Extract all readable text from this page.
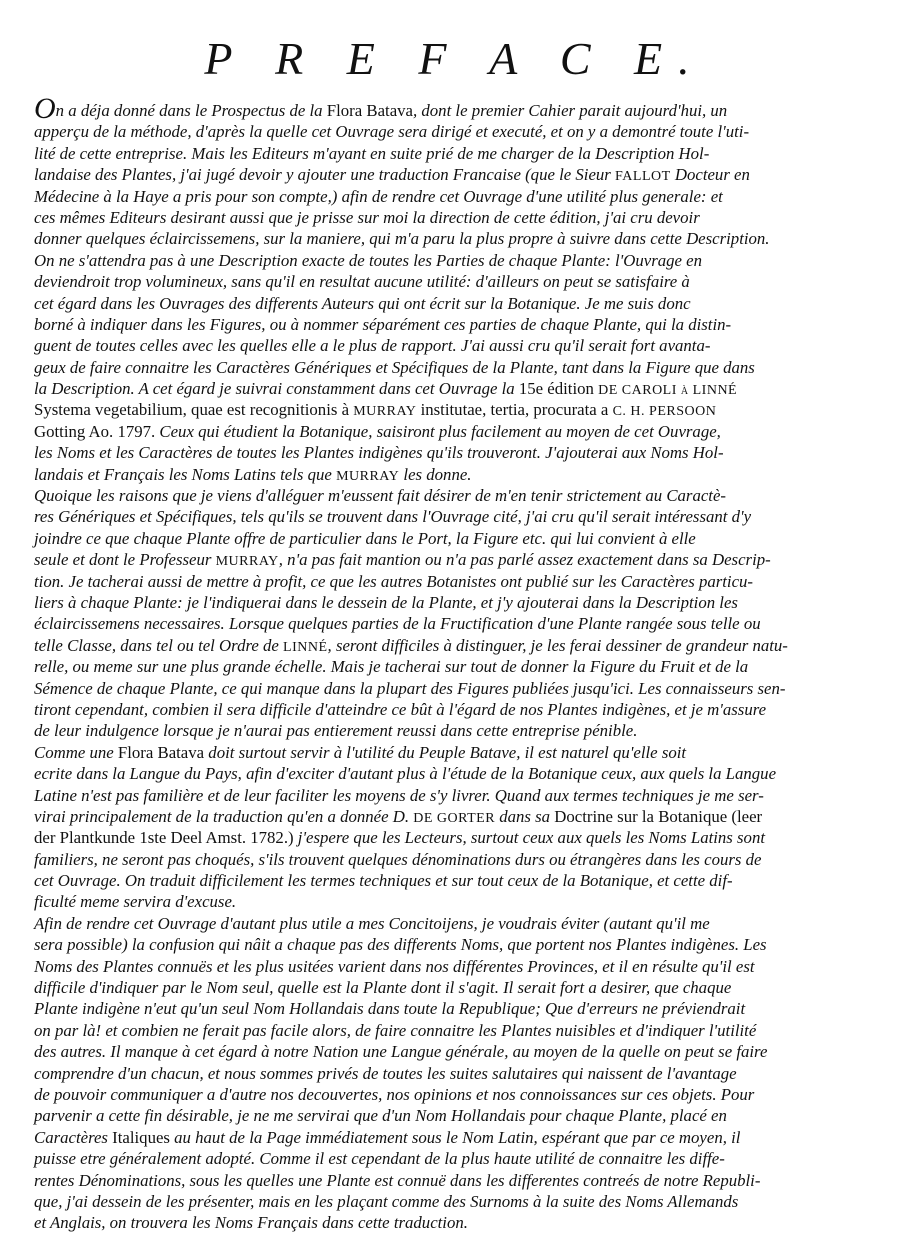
P R E F A C E.
On a déja donné dans le Prospectus de la Flora Batava, dont le premier Cahier parait aujourd'hui, un
apperçu de la méthode, d'après la quelle cet Ouvrage sera dirigé et executé, et on y a demontré toute l'uti-
lité de cette entreprise. Mais les Editeurs m'ayant en suite prié de me charger de la Description Hol-
landaise des Plantes, j'ai jugé devoir y ajouter une traduction Francaise (que le Sieur FALLOT Docteur en
Médecine à la Haye a pris pour son compte,) afin de rendre cet Ouvrage d'une utilité plus generale: et
ces mêmes Editeurs desirant aussi que je prisse sur moi la direction de cette édition, j'ai cru devoir
donner quelques éclaircissemens, sur la maniere, qui m'a paru la plus propre à suivre dans cette Description.
On ne s'attendra pas à une Description exacte de toutes les Parties de chaque Plante: l'Ouvrage en
deviendroit trop volumineux, sans qu'il en resultat aucune utilité: d'ailleurs on peut se satisfaire à
cet égard dans les Ouvrages des differents Auteurs qui ont écrit sur la Botanique. Je me suis donc
borné à indiquer dans les Figures, ou à nommer séparément ces parties de chaque Plante, qui la distin-
guent de toutes celles avec les quelles elle a le plus de rapport. J'ai aussi cru qu'il serait fort avanta-
geux de faire connaitre les Caractères Génériques et Spécifiques de la Plante, tant dans la Figure que dans
la Description. A cet égard je suivrai constamment dans cet Ouvrage la 15e édition DE CAROLI à LINNÉ
Systema vegetabilium, quae est recognitionis à MURRAY institutae, tertia, procurata a C. H. PERSOON
Gotting Ao. 1797. Ceux qui étudient la Botanique, saisiront plus facilement au moyen de cet Ouvrage,
les Noms et les Caractères de toutes les Plantes indigènes qu'ils trouveront. J'ajouterai aux Noms Hol-
landais et Français les Noms Latins tels que MURRAY les donne.
Quoique les raisons que je viens d'alléguer m'eussent fait désirer de m'en tenir strictement au Caractè-
res Génériques et Spécifiques, tels qu'ils se trouvent dans l'Ouvrage cité, j'ai cru qu'il serait intéressant d'y
joindre ce que chaque Plante offre de particulier dans le Port, la Figure etc. qui lui convient à elle
seule et dont le Professeur MURRAY, n'a pas fait mantion ou n'a pas parlé assez exactement dans sa Descrip-
tion. Je tacherai aussi de mettre à profit, ce que les autres Botanistes ont publié sur les Caractères particu-
liers à chaque Plante: je l'indiquerai dans le dessein de la Plante, et j'y ajouterai dans la Description les
éclaircissemens necessaires. Lorsque quelques parties de la Fructification d'une Plante rangée sous telle ou
telle Classe, dans tel ou tel Ordre de LINNÉ, seront difficiles à distinguer, je les ferai dessiner de grandeur natu-
relle, ou meme sur une plus grande échelle. Mais je tacherai sur tout de donner la Figure du Fruit et de la
Sémence de chaque Plante, ce qui manque dans la plupart des Figures publiées jusqu'ici. Les connaisseurs sen-
tiront cependant, combien il sera difficile d'atteindre ce bût à l'égard de nos Plantes indigènes, et je m'assure
de leur indulgence lorsque je n'aurai pas entierement reussi dans cette entreprise pénible.
Comme une Flora Batava doit surtout servir à l'utilité du Peuple Batave, il est naturel qu'elle soit
ecrite dans la Langue du Pays, afin d'exciter d'autant plus à l'étude de la Botanique ceux, aux quels la Langue
Latine n'est pas familière et de leur faciliter les moyens de s'y livrer. Quand aux termes techniques je me ser-
virai principalement de la traduction qu'en a donnée D. DE GORTER dans sa Doctrine sur la Botanique (leer
der Plantkunde 1ste Deel Amst. 1782.) j'espere que les Lecteurs, surtout ceux aux quels les Noms Latins sont
familiers, ne seront pas choqués, s'ils trouvent quelques dénominations durs ou étrangères dans les cours de
cet Ouvrage. On traduit difficilement les termes techniques et sur tout ceux de la Botanique, et cette dif-
ficulté meme servira d'excuse.
Afin de rendre cet Ouvrage d'autant plus utile a mes Concitoijens, je voudrais éviter (autant qu'il me
sera possible) la confusion qui nâit a chaque pas des differents Noms, que portent nos Plantes indigènes. Les
Noms des Plantes connuës et les plus usitées varient dans nos différentes Provinces, et il en résulte qu'il est
difficile d'indiquer par le Nom seul, quelle est la Plante dont il s'agit. Il serait fort a desirer, que chaque
Plante indigène n'eut qu'un seul Nom Hollandais dans toute la Republique; Que d'erreurs ne préviendrait
on par là! et combien ne ferait pas facile alors, de faire connaitre les Plantes nuisibles et d'indiquer l'utilité
des autres. Il manque à cet égard à notre Nation une Langue générale, au moyen de la quelle on peut se faire
comprendre d'un chacun, et nous sommes privés de toutes les suites salutaires qui naissent de l'avantage
de pouvoir communiquer a d'autre nos decouvertes, nos opinions et nos connoissances sur ces objets. Pour
parvenir a cette fin désirable, je ne me servirai que d'un Nom Hollandais pour chaque Plante, placé en
Caractères Italiques au haut de la Page immédiatement sous le Nom Latin, espérant que par ce moyen, il
puisse etre généralement adopté. Comme il est cependant de la plus haute utilité de connaitre les diffe-
rentes Dénominations, sous les quelles une Plante est connuë dans les differentes contreés de notre Republi-
que, j'ai dessein de les présenter, mais en les plaçant comme des Surnoms à la suite des Noms Allemands
et Anglais, on trouvera les Noms Français dans cette traduction.
